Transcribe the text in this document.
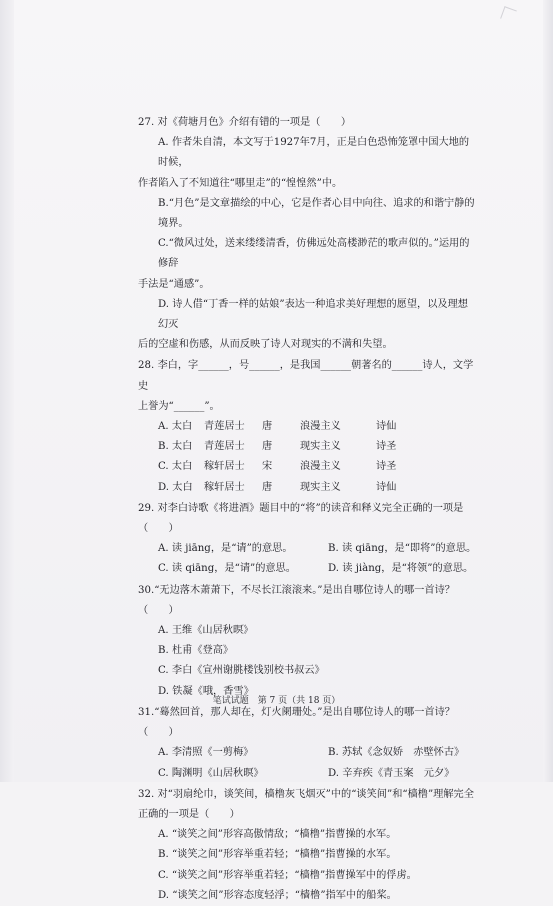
27. 对《荷塘月色》介绍有错的一项是（　　）
A. 作者朱自清，本文写于1927年7月，正是白色恐怖笼罩中国大地的时候，
作者陷入了不知道往“哪里走”的“惶惶然”中。
B.“月色”是文章描绘的中心，它是作者心目中向往、追求的和谐宁静的境界。
C.“微风过处，送来缕缕清香，仿佛远处高楼渺茫的歌声似的。”运用的修辞
手法是“通感”。
D. 诗人借“丁香一样的姑娘”表达一种追求美好理想的愿望，以及理想幻灭
后的空虚和伤感，从而反映了诗人对现实的不满和失望。
28. 李白，字______，号______，是我国______朝著名的______诗人，文学史
上誉为“______”。
A. 太白	青莲居士	唐	浪漫主义	诗仙
B. 太白	青莲居士	唐	现实主义	诗圣
C. 太白	稼轩居士	宋	浪漫主义	诗圣
D. 太白	稼轩居士	唐	现实主义	诗仙
29. 对李白诗歌《将进酒》题目中的“将”的读音和释义完全正确的一项是（　　）
A. 读 jiāng，是“请”的意思。	B. 读 qiāng，是“即将”的意思。
C. 读 qiāng，是“请”的意思。	D. 读 jiàng，是“将领”的意思。
30.“无边落木萧萧下，不尽长江滚滚来。”是出自哪位诗人的哪一首诗？（　　）
A. 王维《山居秋暝》
B. 杜甫《登高》
C. 李白《宣州谢朓楼饯别校书叔云》
D. 铁凝《哦，香雪》
31.“蓦然回首，那人却在，灯火阑珊处。”是出自哪位诗人的哪一首诗？（　　）
A. 李清照《一剪梅》	B. 苏轼《念奴娇　赤壁怀古》
C. 陶渊明《山居秋暝》	D. 辛弃疾《青玉案　元夕》
32. 对“羽扇纶巾，谈笑间，樯橹灰飞烟灭”中的“谈笑间”和“樯橹”理解完全
正确的一项是（　　）
A. “谈笑之间”形容高傲情敌；“樯橹”指曹操的水军。
B. “谈笑之间”形容举重若轻；“樯橹”指曹操的水军。
C. “谈笑之间”形容举重若轻；“樯橹”指曹操军中的俘虏。
D. “谈笑之间”形容态度轻浮；“樯橹”指军中的船桨。
笔试试题　第 7 页（共 18 页）
